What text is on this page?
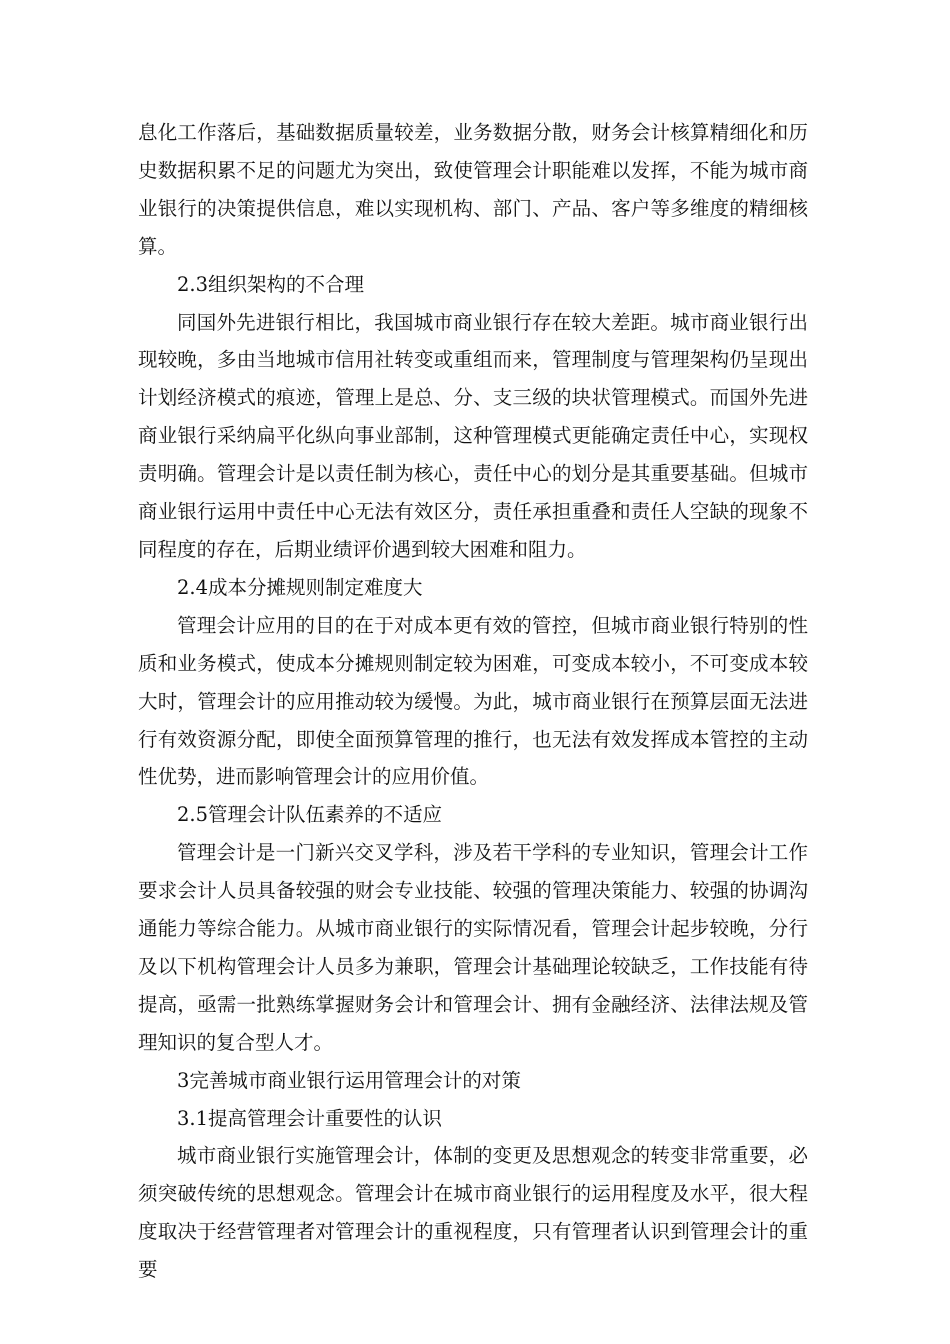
息化工作落后，基础数据质量较差，业务数据分散，财务会计核算精细化和历史数据积累不足的问题尤为突出，致使管理会计职能难以发挥，不能为城市商业银行的决策提供信息，难以实现机构、部门、产品、客户等多维度的精细核算。

2.3组织架构的不合理

同国外先进银行相比，我国城市商业银行存在较大差距。城市商业银行出现较晚，多由当地城市信用社转变或重组而来，管理制度与管理架构仍呈现出计划经济模式的痕迹，管理上是总、分、支三级的块状管理模式。而国外先进商业银行采纳扁平化纵向事业部制，这种管理模式更能确定责任中心，实现权责明确。管理会计是以责任制为核心，责任中心的划分是其重要基础。但城市商业银行运用中责任中心无法有效区分，责任承担重叠和责任人空缺的现象不同程度的存在，后期业绩评价遇到较大困难和阻力。

2.4成本分摊规则制定难度大

管理会计应用的目的在于对成本更有效的管控，但城市商业银行特别的性质和业务模式，使成本分摊规则制定较为困难，可变成本较小，不可变成本较大时，管理会计的应用推动较为缓慢。为此，城市商业银行在预算层面无法进行有效资源分配，即使全面预算管理的推行，也无法有效发挥成本管控的主动性优势，进而影响管理会计的应用价值。

2.5管理会计队伍素养的不适应

管理会计是一门新兴交叉学科，涉及若干学科的专业知识，管理会计工作要求会计人员具备较强的财会专业技能、较强的管理决策能力、较强的协调沟通能力等综合能力。从城市商业银行的实际情况看，管理会计起步较晚，分行及以下机构管理会计人员多为兼职，管理会计基础理论较缺乏，工作技能有待提高，亟需一批熟练掌握财务会计和管理会计、拥有金融经济、法律法规及管理知识的复合型人才。

3完善城市商业银行运用管理会计的对策

3.1提高管理会计重要性的认识

城市商业银行实施管理会计，体制的变更及思想观念的转变非常重要，必须突破传统的思想观念。管理会计在城市商业银行的运用程度及水平，很大程度取决于经营管理者对管理会计的重视程度，只有管理者认识到管理会计的重要
